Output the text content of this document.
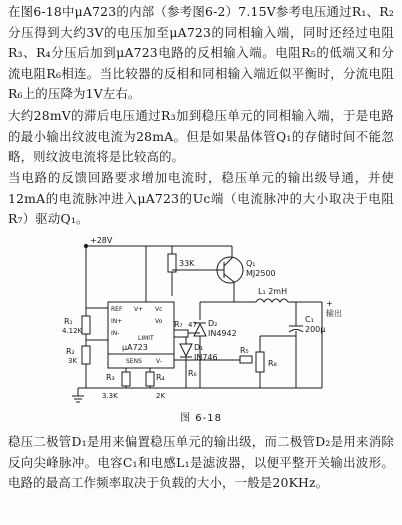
在图6-18中μA723的内部（参考图6-2）7.15V参考电压通过R₁、R₂分压得到大约3V的电压加至μA723的同相输入端，同时还经过电阻R₃、R₄分压后加到μA723电路的反相输入端。电阻R₅的低端又和分流电阻R₆相连。当比较器的反相和同相输入端近似平衡时，分流电阻R₆上的压降为1V左右。

大约28mV的滞后电压通过R₃加到稳压单元的同相输入端，于是电路的最小输出纹波电流为28mA。但是如果晶体管Q₁的存储时间不能忽略，则纹波电流将是比较高的。

当电路的反馈回路要求增加电流时，稳压单元的输出级导通，并使12mA的电流脉冲进入μA723的Uc端（电流脉冲的大小取决于电阻R₇）驱动Q₁。

+28V
33K	Q₁
MJ2500
L₁ 2mH
C₁
200μ
输出
+
D₂
IN4942
D₁
IN746
μA723
REF V+ Vc
IN+
IN-
Vo
LIMIT
SENS V-
R₁
4.12K
R₂
3K
R₃
3.3K
R₄
2K
R₅
R₆
R₇ 47
R₈
图 6-18

稳压二极管D₁是用来偏置稳压单元的输出级，而二极管D₂是用来消除反向尖峰脉冲。电容C₁和电感L₁是滤波器，以便平整开关输出波形。电路的最高工作频率取决于负载的大小，一般是20KHz。
